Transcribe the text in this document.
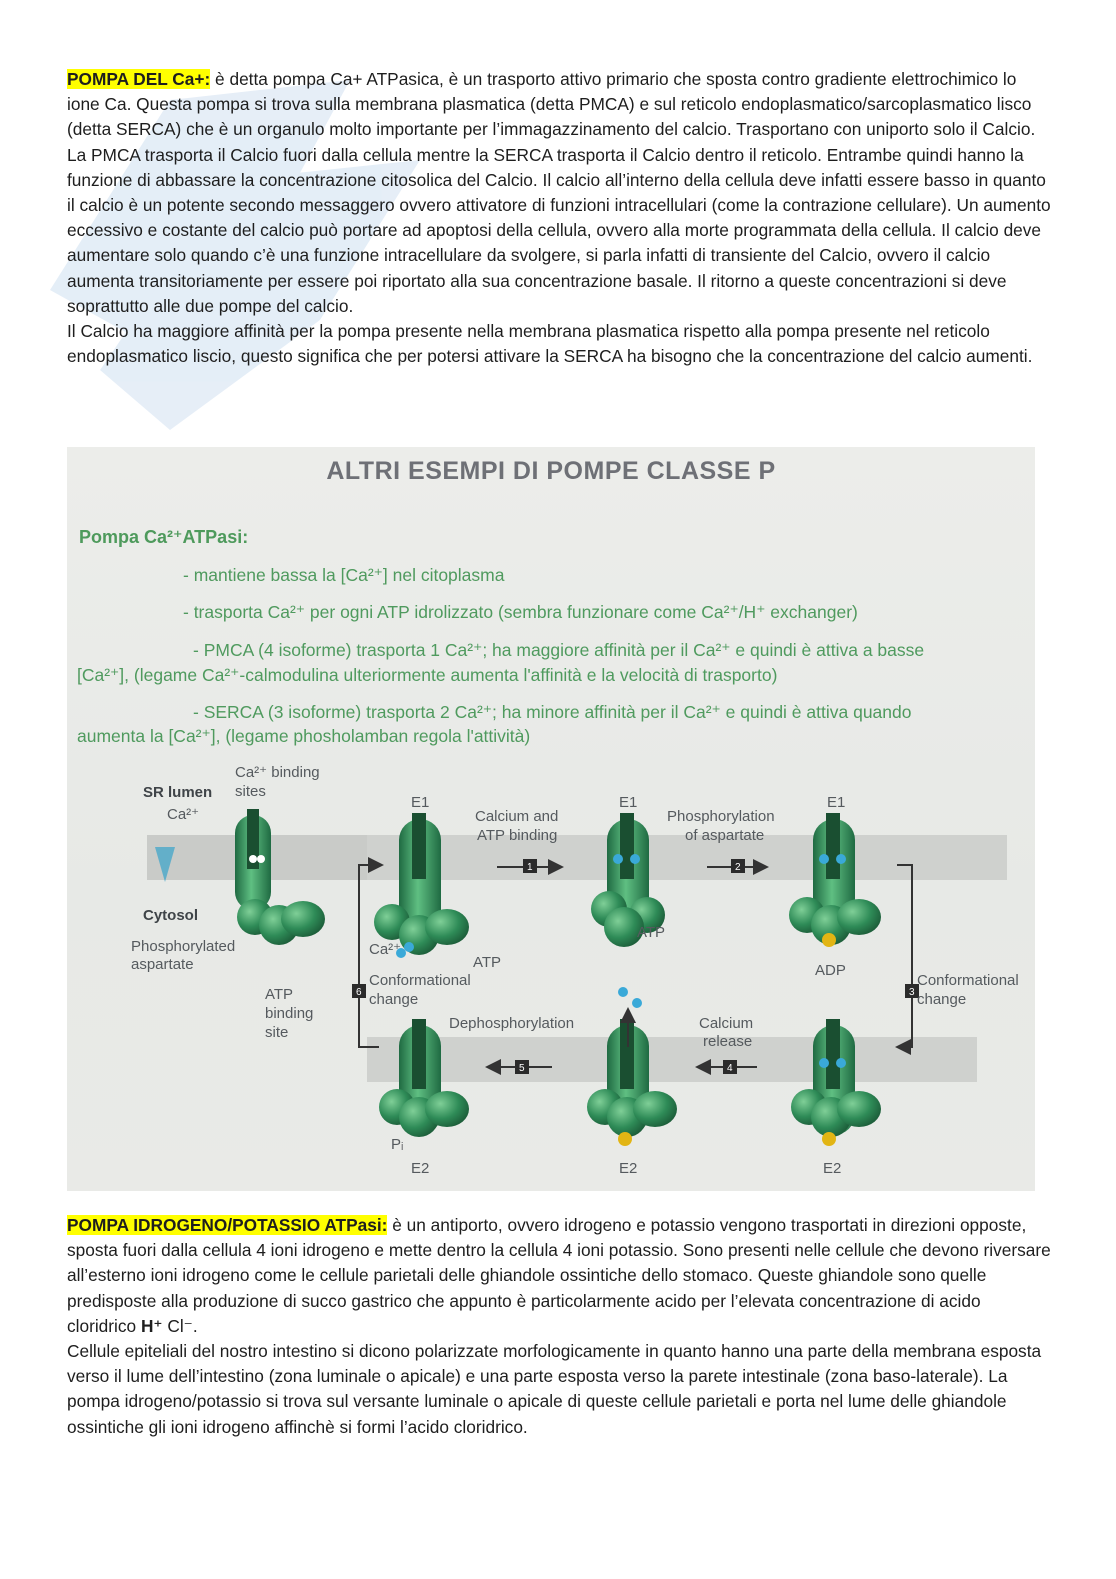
POMPA DEL Ca+: è detta pompa Ca+ ATPasica, è un trasporto attivo primario che sposta contro gradiente elettrochimico lo ione Ca. Questa pompa si trova sulla membrana plasmatica (detta PMCA) e sul reticolo endoplasmatico/sarcoplasmatico lisco (detta SERCA) che è un organulo molto importante per l’immagazzinamento del calcio. Trasportano con uniporto solo il Calcio. La PMCA trasporta il Calcio fuori dalla cellula mentre la SERCA trasporta il Calcio dentro il reticolo. Entrambe quindi hanno la funzione di abbassare la concentrazione citosolica del Calcio. Il calcio all’interno della cellula deve infatti essere basso in quanto il calcio è un potente secondo messaggero ovvero attivatore di funzioni intracellulari (come la contrazione cellulare). Un aumento eccessivo e costante del calcio può portare ad apoptosi della cellula, ovvero alla morte programmata della cellula. Il calcio deve aumentare solo quando c’è una funzione intracellulare da svolgere, si parla infatti di transiente del Calcio, ovvero il calcio aumenta transitoriamente per essere poi riportato alla sua concentrazione basale. Il ritorno a queste concentrazioni si deve soprattutto alle due pompe del calcio.
Il Calcio ha maggiore affinità per la pompa presente nella membrana plasmatica rispetto alla pompa presente nel reticolo endoplasmatico liscio, questo significa che per potersi attivare la SERCA ha bisogno che la concentrazione del calcio aumenti.

ALTRI ESEMPI DI POMPE CLASSE P
Pompa Ca²⁺ATPasi:
- mantiene bassa la [Ca²⁺] nel citoplasma
- trasporta Ca²⁺ per ogni ATP idrolizzato (sembra funzionare come Ca²⁺/H⁺ exchanger)
- PMCA (4 isoforme) trasporta 1 Ca²⁺; ha maggiore affinità per il Ca²⁺ e quindi è attiva a basse
[Ca²⁺], (legame Ca²⁺-calmodulina ulteriormente aumenta l'affinità e la velocità di trasporto)
- SERCA (3 isoforme) trasporta 2 Ca²⁺; ha minore affinità per il Ca²⁺ e quindi è attiva quando
aumenta la [Ca²⁺], (legame phosholamban regola l'attività)
SR lumen
Ca²⁺
Ca²⁺ binding
sites
Cytosol
Phosphorylated
aspartate
ATP
binding
site
1	2
3
4
5
6
E1	E1	E1
Calcium and
ATP binding
Phosphorylation
of aspartate
Conformational
change
Calcium
release
Dephosphorylation
Conformational
change
Ca²⁺
ATP
ATP
ADP
Pᵢ
E2	E2	E2

POMPA IDROGENO/POTASSIO ATPasi: è un antiporto, ovvero idrogeno e potassio vengono trasportati in direzioni opposte, sposta fuori dalla cellula 4 ioni idrogeno e mette dentro la cellula 4 ioni potassio. Sono presenti nelle cellule che devono riversare all’esterno ioni idrogeno come le cellule parietali delle ghiandole ossintiche dello stomaco. Queste ghiandole sono quelle predisposte alla produzione di succo gastrico che appunto è particolarmente acido per l’elevata concentrazione di acido cloridrico H⁺ Cl⁻.
Cellule epiteliali del nostro intestino si dicono polarizzate morfologicamente in quanto hanno una parte della membrana esposta verso il lume dell’intestino (zona luminale o apicale) e una parte esposta verso la parete intestinale (zona baso-laterale). La pompa idrogeno/potassio si trova sul versante luminale o apicale di queste cellule parietali e porta nel lume delle ghiandole ossintiche gli ioni idrogeno affinchè si formi l’acido cloridrico.
